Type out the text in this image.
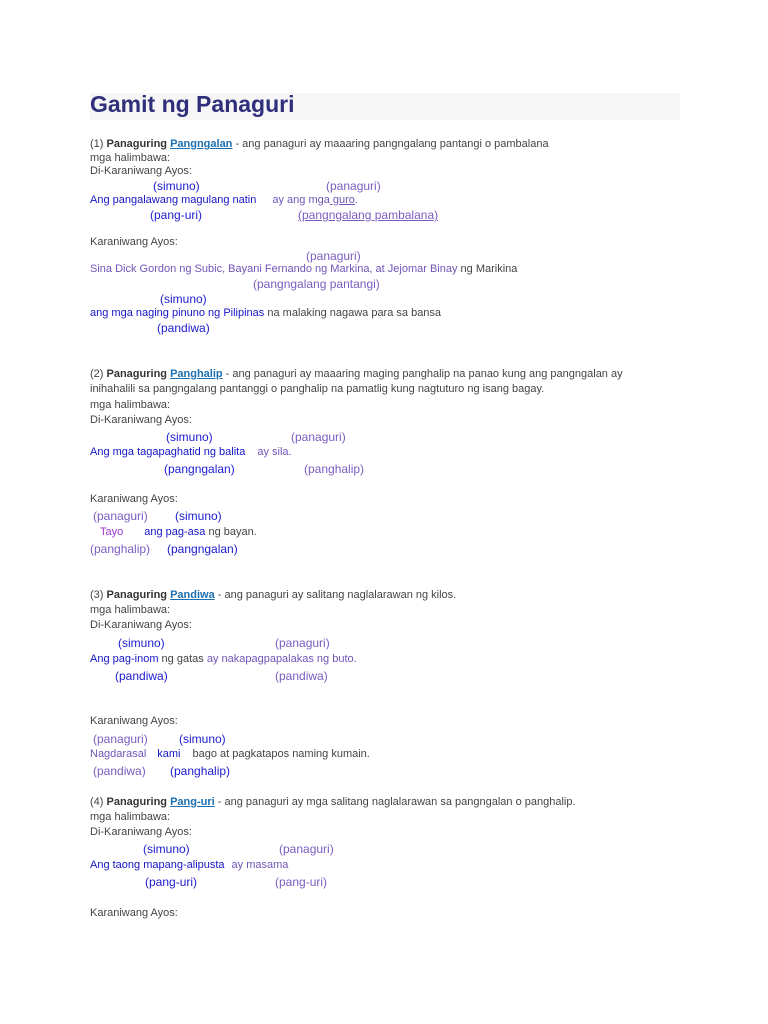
Gamit ng Panaguri
(1) Panaguring Pangngalan - ang panaguri ay maaaring pangngalang pantangi o pambalana
mga halimbawa:
Di-Karaniwang Ayos:
(simuno)	(panaguri)
Ang pangalawang magulang natin ay ang mga guro.
(pang-uri)	(pangngalang pambalana)
Karaniwang Ayos:
(panaguri)
Sina Dick Gordon ng Subic, Bayani Fernando ng Markina, at Jejomar Binay ng Marikina
(pangngalang pantangi)
(simuno)
ang mga naging pinuno ng Pilipinas na malaking nagawa para sa bansa
(pandiwa)
(2) Panaguring Panghalip - ang panaguri ay maaaring maging panghalip na panao kung ang pangngalan ay
inihahalili sa pangngalang pantanggi o panghalip na pamatlig kung nagtuturo ng isang bagay.
mga halimbawa:
Di-Karaniwang Ayos:
(simuno)	(panaguri)
Ang mga tagapaghatid ng balita ay sila.
(pangngalan)	(panghalip)
Karaniwang Ayos:
(panaguri) (simuno)
Tayo ang pag-asa ng bayan.
(panghalip) (pangngalan)
(3) Panaguring Pandiwa - ang panaguri ay salitang naglalarawan ng kilos.
mga halimbawa:
Di-Karaniwang Ayos:
(simuno)	(panaguri)
Ang pag-inom ng gatas ay nakapagpapalakas ng buto.
(pandiwa)	(pandiwa)
Karaniwang Ayos:
(panaguri)	(simuno)
Nagdarasal kami bago at pagkatapos naming kumain.
(pandiwa) (panghalip)
(4) Panaguring Pang-uri - ang panaguri ay mga salitang naglalarawan sa pangngalan o panghalip.
mga halimbawa:
Di-Karaniwang Ayos:
(simuno)	(panaguri)
Ang taong mapang-alipusta ay masama
(pang-uri)	(pang-uri)
Karaniwang Ayos:
